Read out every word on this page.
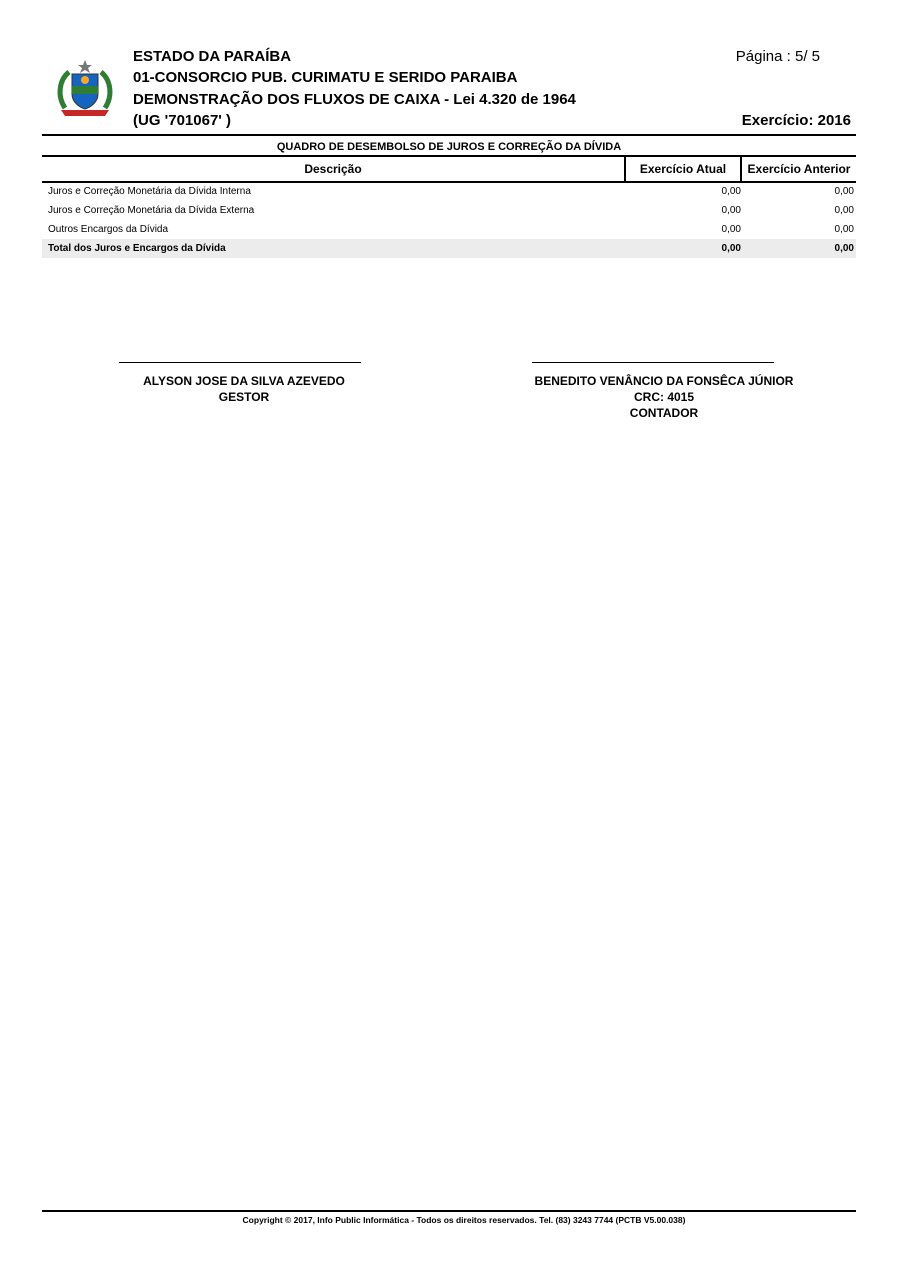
ESTADO DA PARAÍBA
01-CONSORCIO PUB. CURIMATU E SERIDO PARAIBA
DEMONSTRAÇÃO DOS FLUXOS DE CAIXA - Lei 4.320 de 1964
(UG '701067' )
Página : 5/ 5
Exercício: 2016
QUADRO DE DESEMBOLSO DE JUROS E CORREÇÃO DA DÍVIDA
Descrição	Exercício Atual	Exercício Anterior
Juros e Correção Monetária da Dívida Interna	0,00	0,00
Juros e Correção Monetária da Dívida Externa	0,00	0,00
Outros Encargos da Dívida	0,00	0,00
Total dos Juros e Encargos da Dívida	0,00	0,00
ALYSON JOSE DA SILVA AZEVEDO
GESTOR
BENEDITO VENÂNCIO DA FONSÊCA JÚNIOR
CRC: 4015
CONTADOR
Copyright © 2017, Info Public Informática - Todos os direitos reservados. Tel. (83) 3243 7744 (PCTB V5.00.038)
